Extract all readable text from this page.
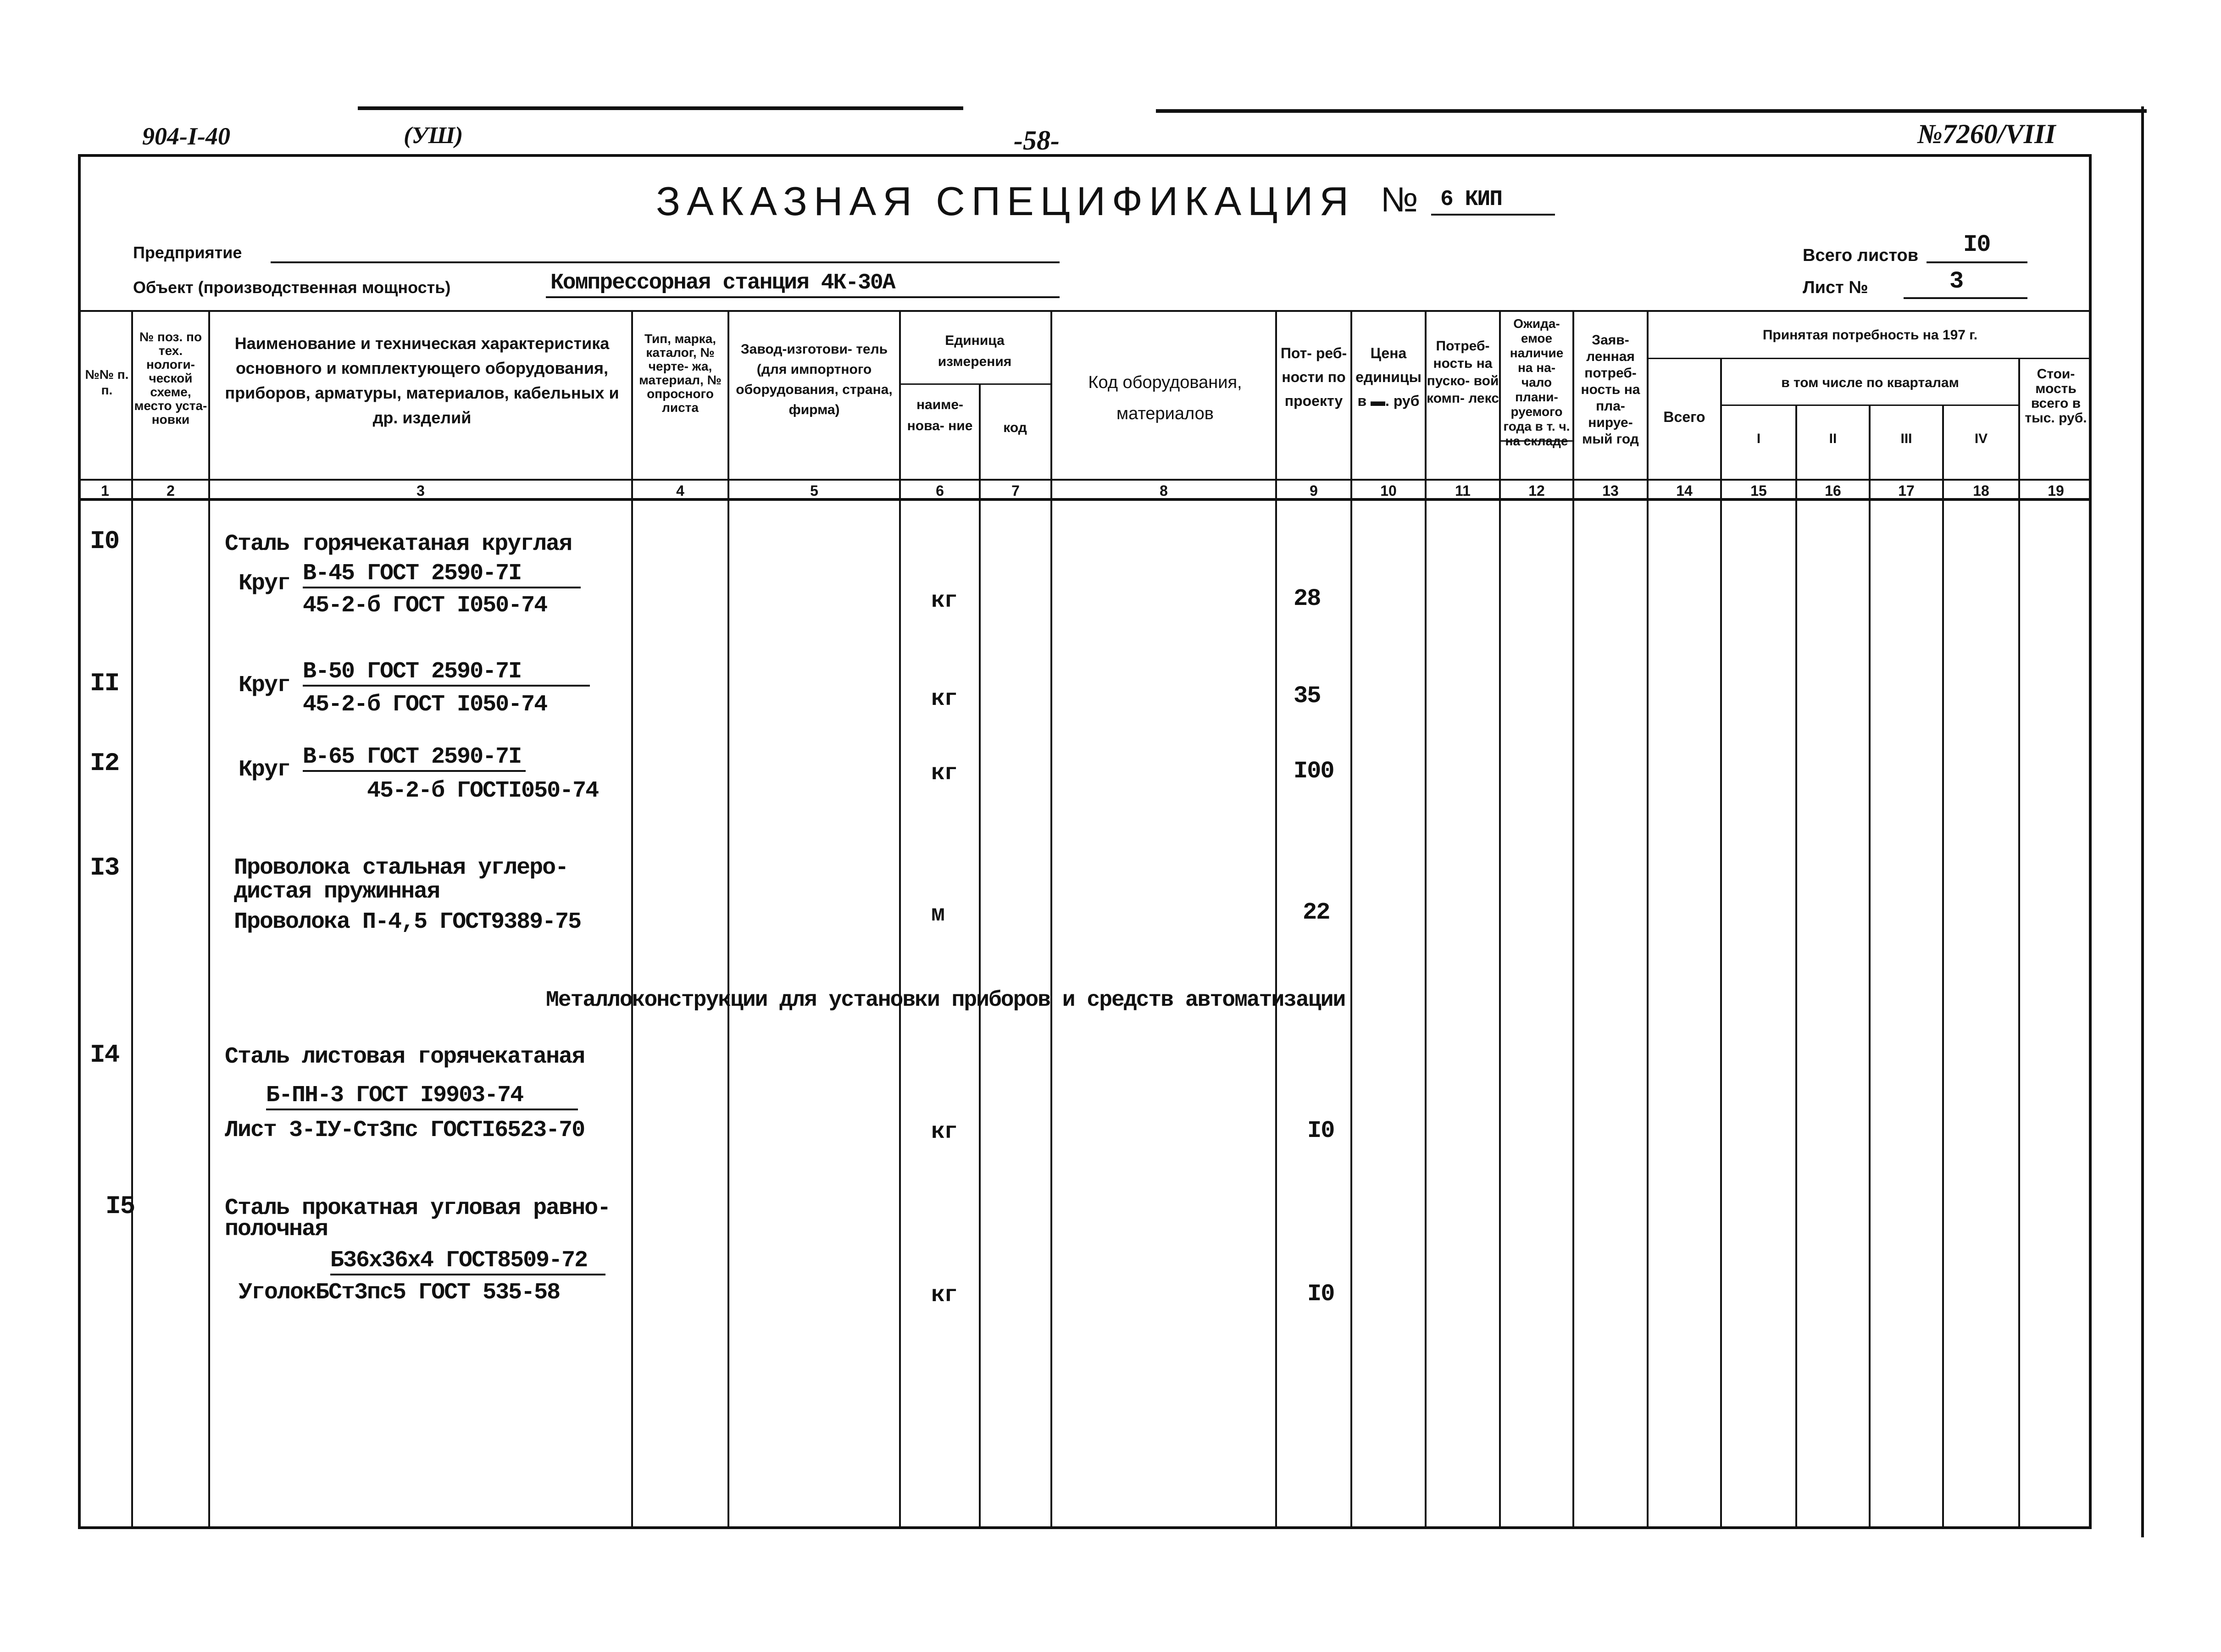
904-I-40	(УШ)	-58-	№7260/VIII
ЗАКАЗНАЯ СПЕЦИФИКАЦИЯ № 6 КИП
Предприятие
Объект (производственная мощность)	Компрессорная станция 4К-30А
Всего листов I0
Лист №	3
№№ п. п.
№ поз. по тех. нологи- ческой схеме, место уста- новки
Наименование и техническая характеристика основного и комплектующего оборудования, приборов, арматуры, материалов, кабельных и др. изделий
Тип, марка, каталог, № черте- жа, материал, № опросного листа
Завод-изготови- тель (для импортного оборудования, страна, фирма)
Единица измерения
наиме- нова- ние	код
Код оборудования, материалов
Пот- реб- ности по проекту
Цена единицы в ▬. руб
Потреб- ность на пуско- вой комп- лекс
Ожида- емое наличие на на- чало плани- руемого года в т. ч. на складе
Заяв- ленная потреб- ность на пла- нируе- мый год
Принятая потребность на 197 г.
Всего
в том числе по кварталам
I	II	III	IV
Стои- мость всего в тыс. руб.
1	2	3	4	5	6	7	8	9	10	11	12	13	14	15	16	17	18	19
I0	Сталь горячекатаная круглая
Круг В-45 ГОСТ 2590-7I
45-2-б ГОСТ I050-74	кг	28
II	Круг
В-50 ГОСТ 2590-7I
45-2-б ГОСТ I050-74	кг	35
I2	Круг В-65 ГОСТ 2590-7I
45-2-б ГОСТI050-74
кг	I00
I3	Проволока стальная углеро-
дистая пружинная
Проволока П-4,5 ГОСТ9389-75	м	22
Металлоконструкции для установки приборов и средств автоматизации
I4	Сталь листовая горячекатаная
Б-ПН-3 ГОСТ I9903-74
Лист 3-IУ-Ст3пс ГОСТI6523-70	кг	I0
I5	Сталь прокатная угловая равно-
полочная
Б36х36х4 ГОСТ8509-72
УголокБСт3пс5 ГОСТ 535-58	кг	I0
